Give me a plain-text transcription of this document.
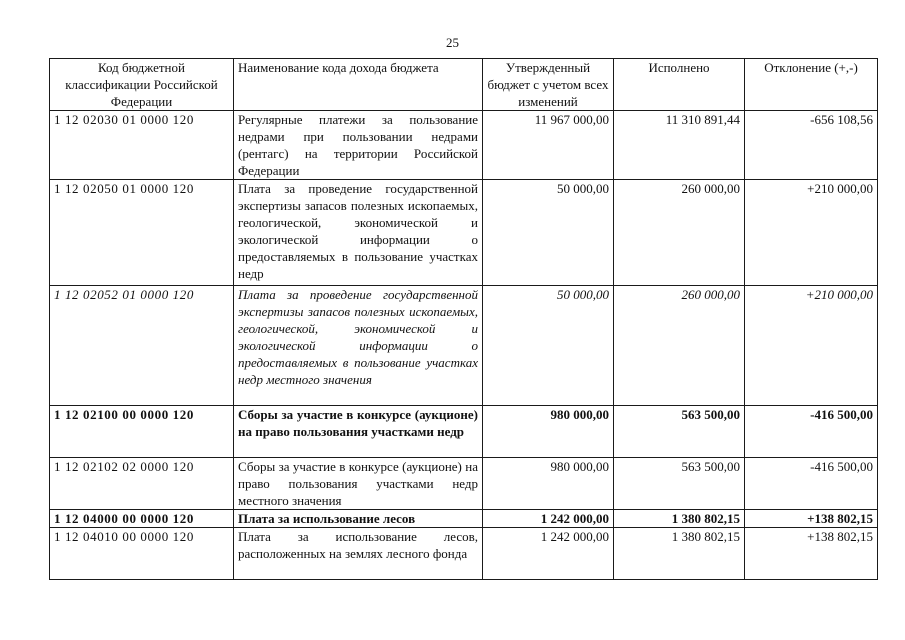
25
Код бюджетной классификации Российской Федерации	Наименование кода дохода бюджета	Утвержденный бюджет с учетом всех изменений	Исполнено	Отклонение (+,-)
1 12 02030 01 0000 120	Регулярные платежи за пользование недрами при пользовании недрами (рентагс) на территории Российской Федерации	11 967 000,00	11 310 891,44	-656 108,56
1 12 02050 01 0000 120	Плата за проведение государственной экспертизы запасов полезных ископаемых, геологической, экономической и экологической информации о предоставляемых в пользование участках недр	50 000,00	260 000,00	+210 000,00
1 12 02052 01 0000 120	Плата за проведение государственной экспертизы запасов полезных ископаемых, геологической, экономической и экологической информации о предоставляемых в пользование участках недр местного значения	50 000,00	260 000,00	+210 000,00
1 12 02100 00 0000 120	Сборы за участие в конкурсе (аукционе) на право пользования участками недр	980 000,00	563 500,00	-416 500,00
1 12 02102 02 0000 120	Сборы за участие в конкурсе (аукционе) на право пользования участками недр местного значения	980 000,00	563 500,00	-416 500,00
1 12 04000 00 0000 120	Плата за использование лесов	1 242 000,00	1 380 802,15	+138 802,15
1 12 04010 00 0000 120	Плата за использование лесов, расположенных на землях лесного фонда	1 242 000,00	1 380 802,15	+138 802,15
